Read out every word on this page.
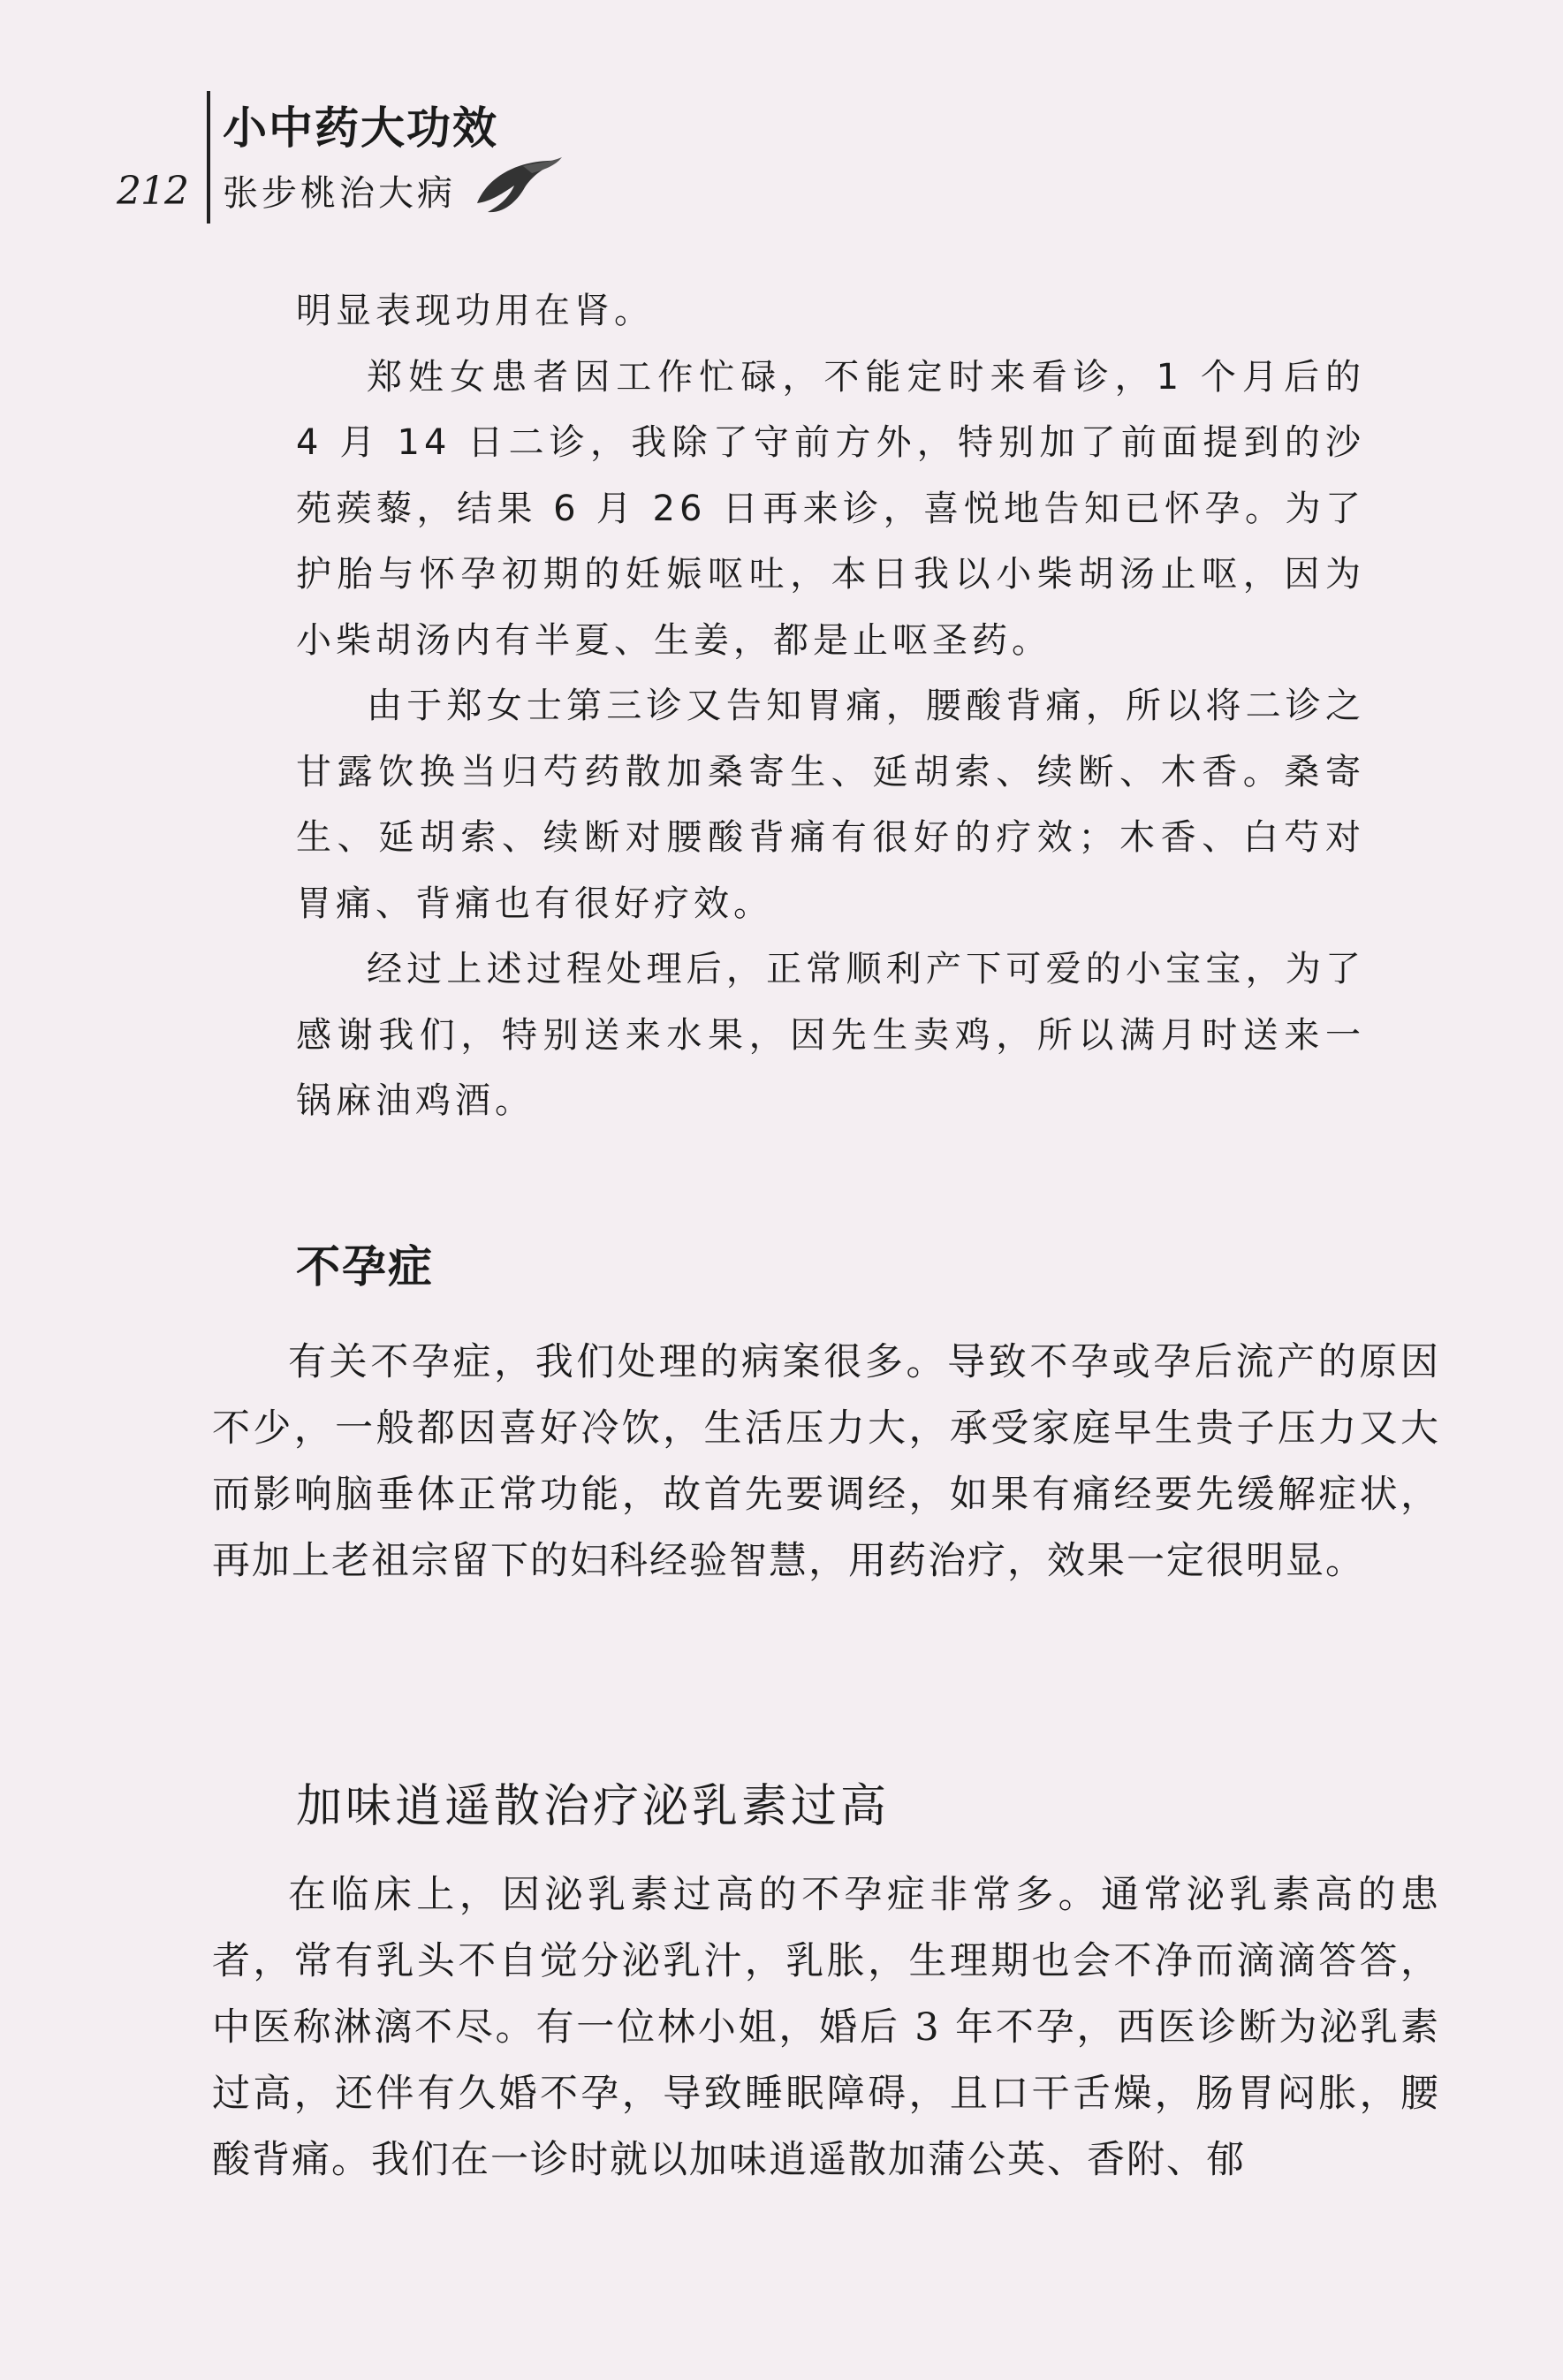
212
小中药大功效
张步桃治大病

明显表现功用在肾。

郑姓女患者因工作忙碌，不能定时来看诊，1 个月后的 4 月 14 日二诊，我除了守前方外，特别加了前面提到的沙苑蒺藜，结果 6 月 26 日再来诊，喜悦地告知已怀孕。为了护胎与怀孕初期的妊娠呕吐，本日我以小柴胡汤止呕，因为小柴胡汤内有半夏、生姜，都是止呕圣药。

由于郑女士第三诊又告知胃痛，腰酸背痛，所以将二诊之甘露饮换当归芍药散加桑寄生、延胡索、续断、木香。桑寄生、延胡索、续断对腰酸背痛有很好的疗效；木香、白芍对胃痛、背痛也有很好疗效。

经过上述过程处理后，正常顺利产下可爱的小宝宝，为了感谢我们，特别送来水果，因先生卖鸡，所以满月时送来一锅麻油鸡酒。

不孕症

有关不孕症，我们处理的病案很多。导致不孕或孕后流产的原因不少，一般都因喜好冷饮，生活压力大，承受家庭早生贵子压力又大而影响脑垂体正常功能，故首先要调经，如果有痛经要先缓解症状，再加上老祖宗留下的妇科经验智慧，用药治疗，效果一定很明显。

加味逍遥散治疗泌乳素过高

在临床上，因泌乳素过高的不孕症非常多。通常泌乳素高的患者，常有乳头不自觉分泌乳汁，乳胀，生理期也会不净而滴滴答答，中医称淋漓不尽。有一位林小姐，婚后 3 年不孕，西医诊断为泌乳素过高，还伴有久婚不孕，导致睡眠障碍，且口干舌燥，肠胃闷胀，腰酸背痛。我们在一诊时就以加味逍遥散加蒲公英、香附、郁
